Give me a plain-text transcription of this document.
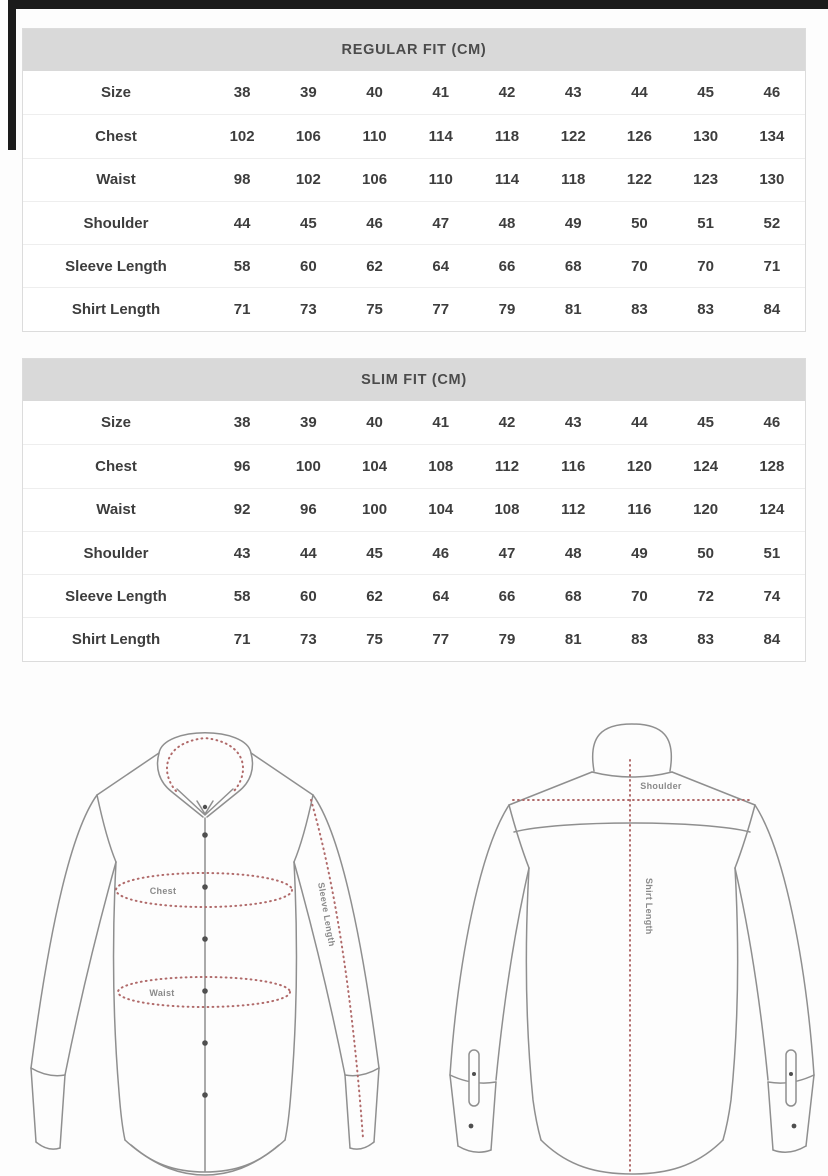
REGULAR FIT (CM)
Size	38	39	40	41	42	43	44	45	46
Chest	102	106	110	114	118	122	126	130	134
Waist	98	102	106	110	114	118	122	123	130
Shoulder	44	45	46	47	48	49	50	51	52
Sleeve Length	58	60	62	64	66	68	70	70	71
Shirt Length	71	73	75	77	79	81	83	83	84
SLIM FIT (CM)
Size	38	39	40	41	42	43	44	45	46
Chest	96	100	104	108	112	116	120	124	128
Waist	92	96	100	104	108	112	116	120	124
Shoulder	43	44	45	46	47	48	49	50	51
Sleeve Length	58	60	62	64	66	68	70	72	74
Shirt Length	71	73	75	77	79	81	83	83	84
Chest
Waist
Sleeve Length
Shoulder
Shirt Length
